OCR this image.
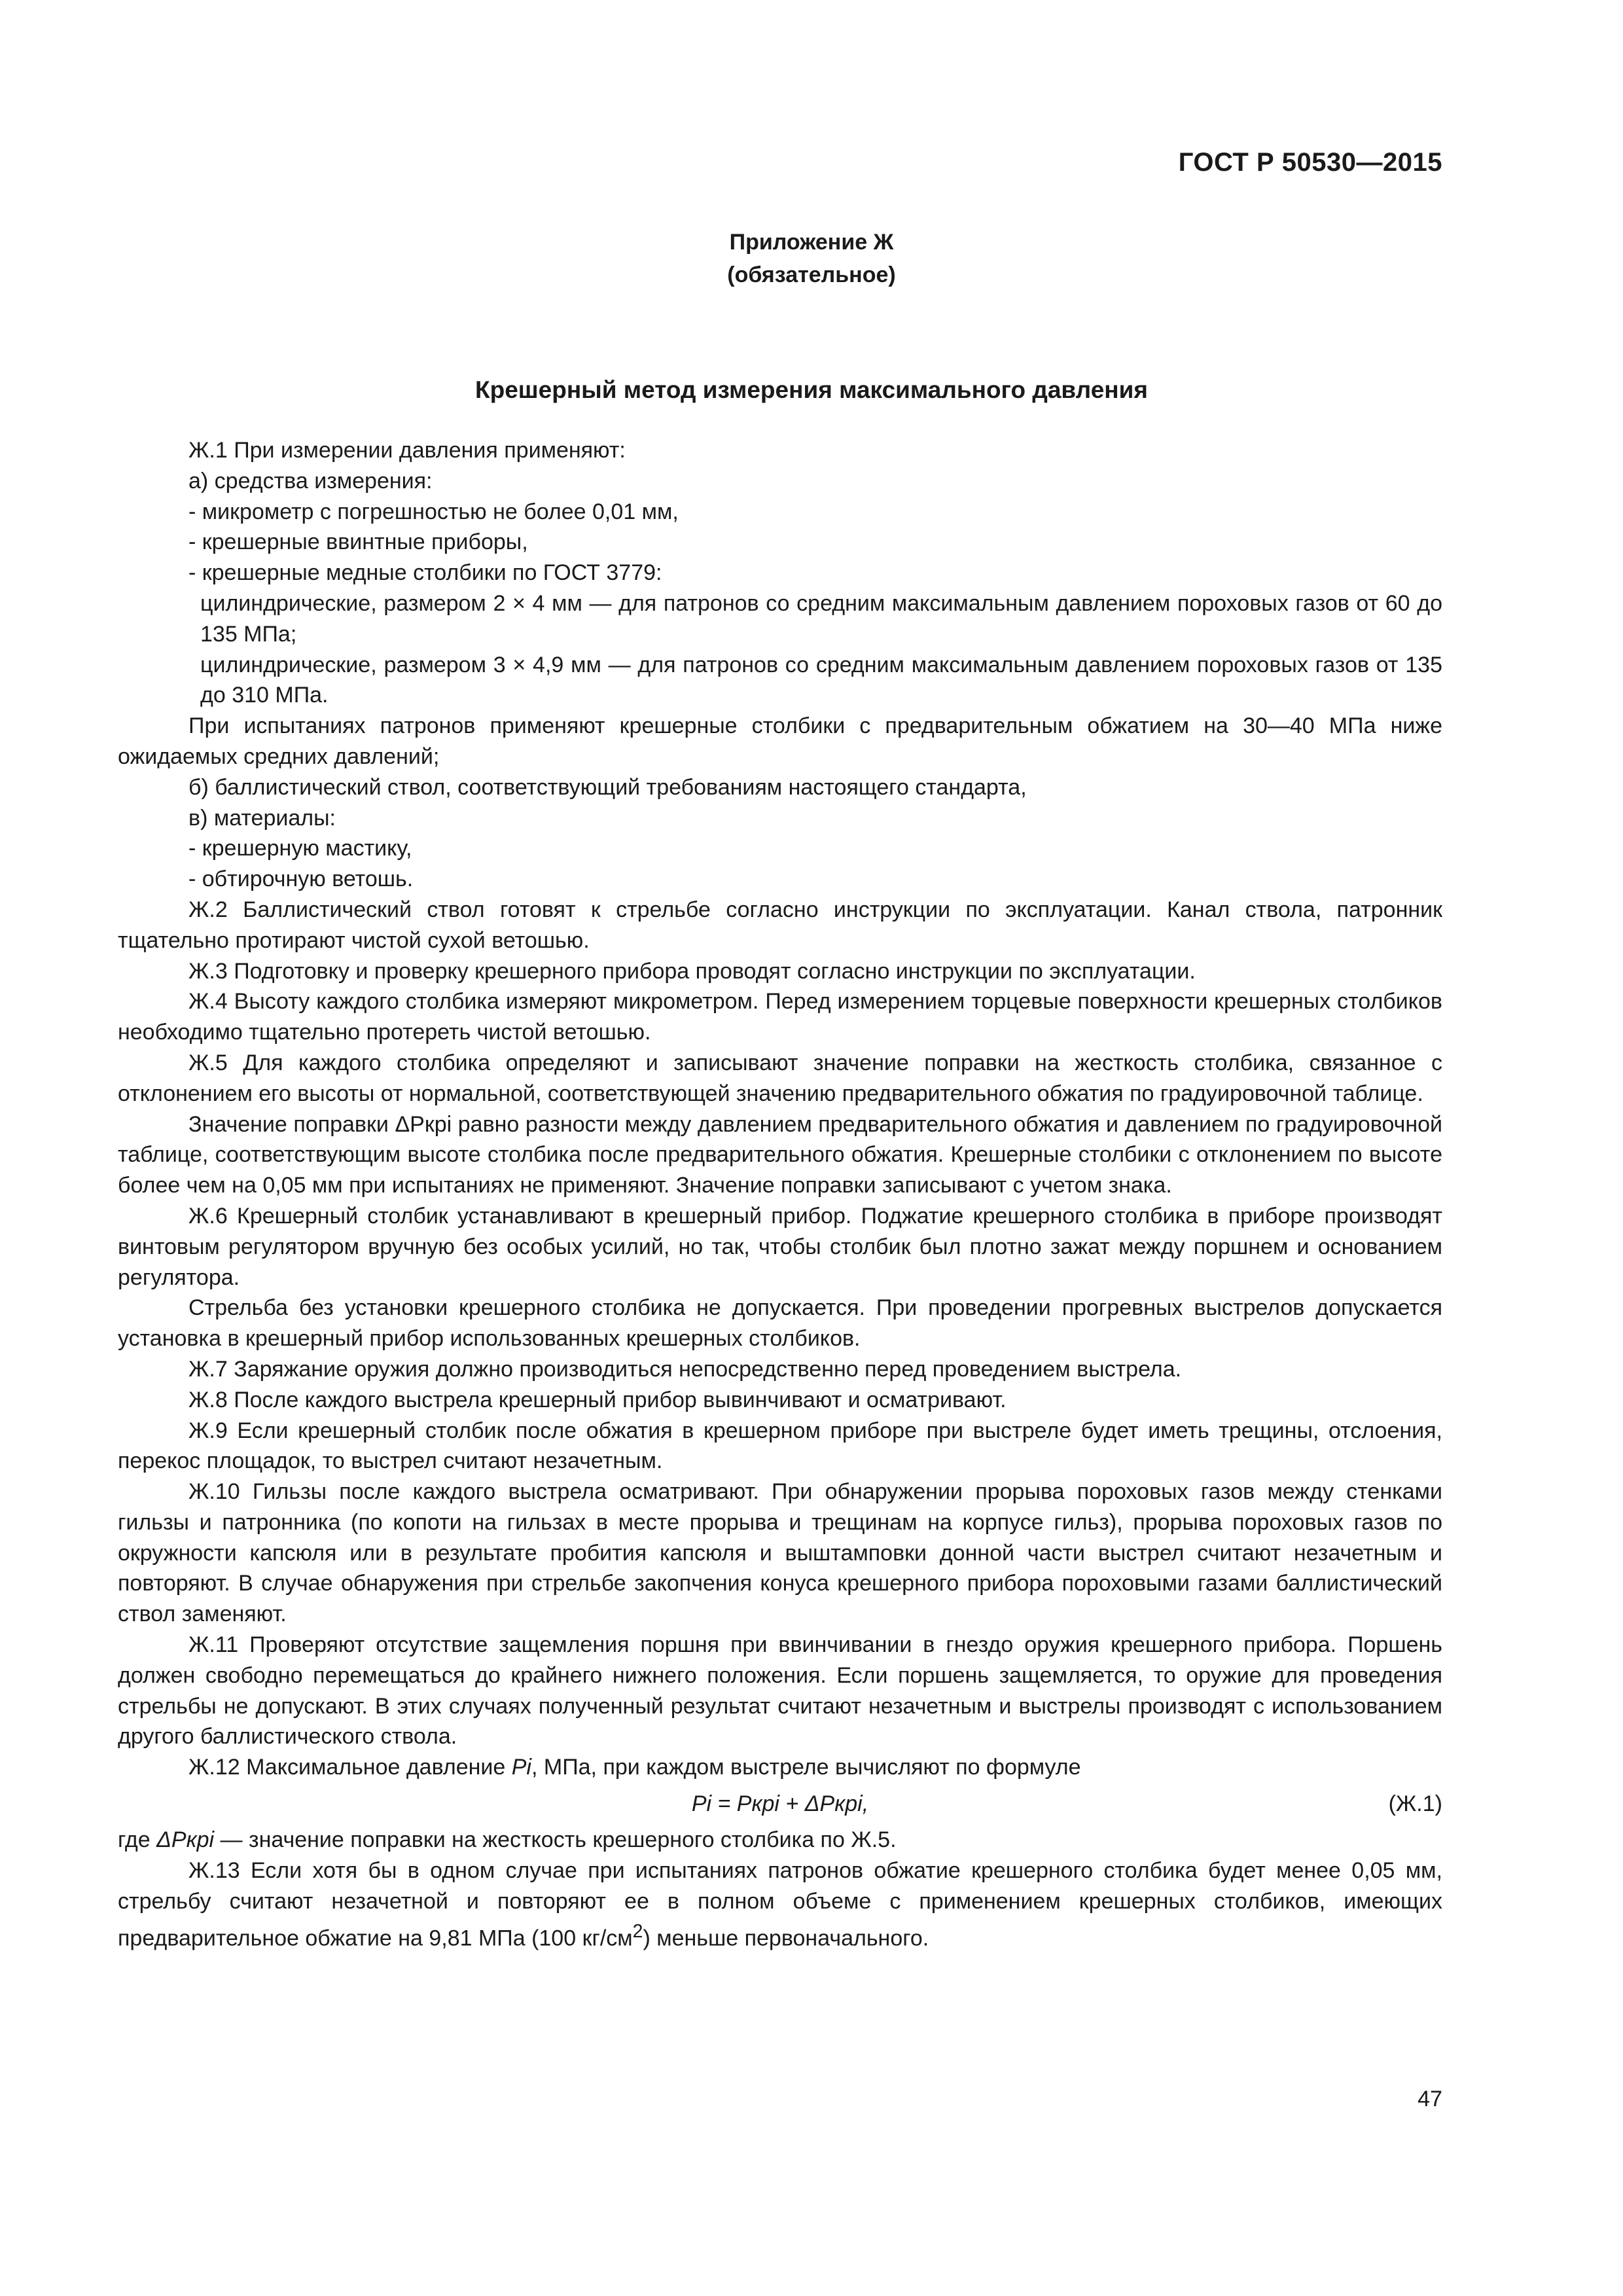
ГОСТ Р 50530—2015
Приложение Ж
(обязательное)
Крешерный метод измерения максимального давления

Ж.1 При измерении давления применяют:

а) средства измерения:

- микрометр с погрешностью не более 0,01 мм,

- крешерные ввинтные приборы,

- крешерные медные столбики по ГОСТ 3779:

цилиндрические, размером 2 × 4 мм — для патронов со средним максимальным давлением пороховых газов от 60 до 135 МПа;

цилиндрические, размером 3 × 4,9 мм — для патронов со средним максимальным давлением пороховых газов от 135 до 310 МПа.

При испытаниях патронов применяют крешерные столбики с предварительным обжатием на 30—40 МПа ниже ожидаемых средних давлений;

б) баллистический ствол, соответствующий требованиям настоящего стандарта,

в) материалы:

- крешерную мастику,

- обтирочную ветошь.

Ж.2 Баллистический ствол готовят к стрельбе согласно инструкции по эксплуатации. Канал ствола, патронник тщательно протирают чистой сухой ветошью.

Ж.3 Подготовку и проверку крешерного прибора проводят согласно инструкции по эксплуатации.

Ж.4 Высоту каждого столбика измеряют микрометром. Перед измерением торцевые поверхности крешерных столбиков необходимо тщательно протереть чистой ветошью.

Ж.5 Для каждого столбика определяют и записывают значение поправки на жесткость столбика, связанное с отклонением его высоты от нормальной, соответствующей значению предварительного обжатия по градуировочной таблице.

Значение поправки ΔPкрi равно разности между давлением предварительного обжатия и давлением по градуировочной таблице, соответствующим высоте столбика после предварительного обжатия. Крешерные столбики с отклонением по высоте более чем на 0,05 мм при испытаниях не применяют. Значение поправки записывают с учетом знака.

Ж.6 Крешерный столбик устанавливают в крешерный прибор. Поджатие крешерного столбика в приборе производят винтовым регулятором вручную без особых усилий, но так, чтобы столбик был плотно зажат между поршнем и основанием регулятора.

Стрельба без установки крешерного столбика не допускается. При проведении прогревных выстрелов допускается установка в крешерный прибор использованных крешерных столбиков.

Ж.7 Заряжание оружия должно производиться непосредственно перед проведением выстрела.

Ж.8 После каждого выстрела крешерный прибор вывинчивают и осматривают.

Ж.9 Если крешерный столбик после обжатия в крешерном приборе при выстреле будет иметь трещины, отслоения, перекос площадок, то выстрел считают незачетным.

Ж.10 Гильзы после каждого выстрела осматривают. При обнаружении прорыва пороховых газов между стенками гильзы и патронника (по копоти на гильзах в месте прорыва и трещинам на корпусе гильз), прорыва пороховых газов по окружности капсюля или в результате пробития капсюля и выштамповки донной части выстрел считают незачетным и повторяют. В случае обнаружения при стрельбе закопчения конуса крешерного прибора пороховыми газами баллистический ствол заменяют.

Ж.11 Проверяют отсутствие защемления поршня при ввинчивании в гнездо оружия крешерного прибора. Поршень должен свободно перемещаться до крайнего нижнего положения. Если поршень защемляется, то оружие для проведения стрельбы не допускают. В этих случаях полученный результат считают незачетным и выстрелы производят с использованием другого баллистического ствола.

Ж.12 Максимальное давление Pi, МПа, при каждом выстреле вычисляют по формуле

Pi = Pкрi + ΔPкрi,	(Ж.1)

где ΔPкрi — значение поправки на жесткость крешерного столбика по Ж.5.

Ж.13 Если хотя бы в одном случае при испытаниях патронов обжатие крешерного столбика будет менее 0,05 мм, стрельбу считают незачетной и повторяют ее в полном объеме с применением крешерных столбиков, имеющих предварительное обжатие на 9,81 МПа (100 $кг/см^2$) меньше первоначального.

47
